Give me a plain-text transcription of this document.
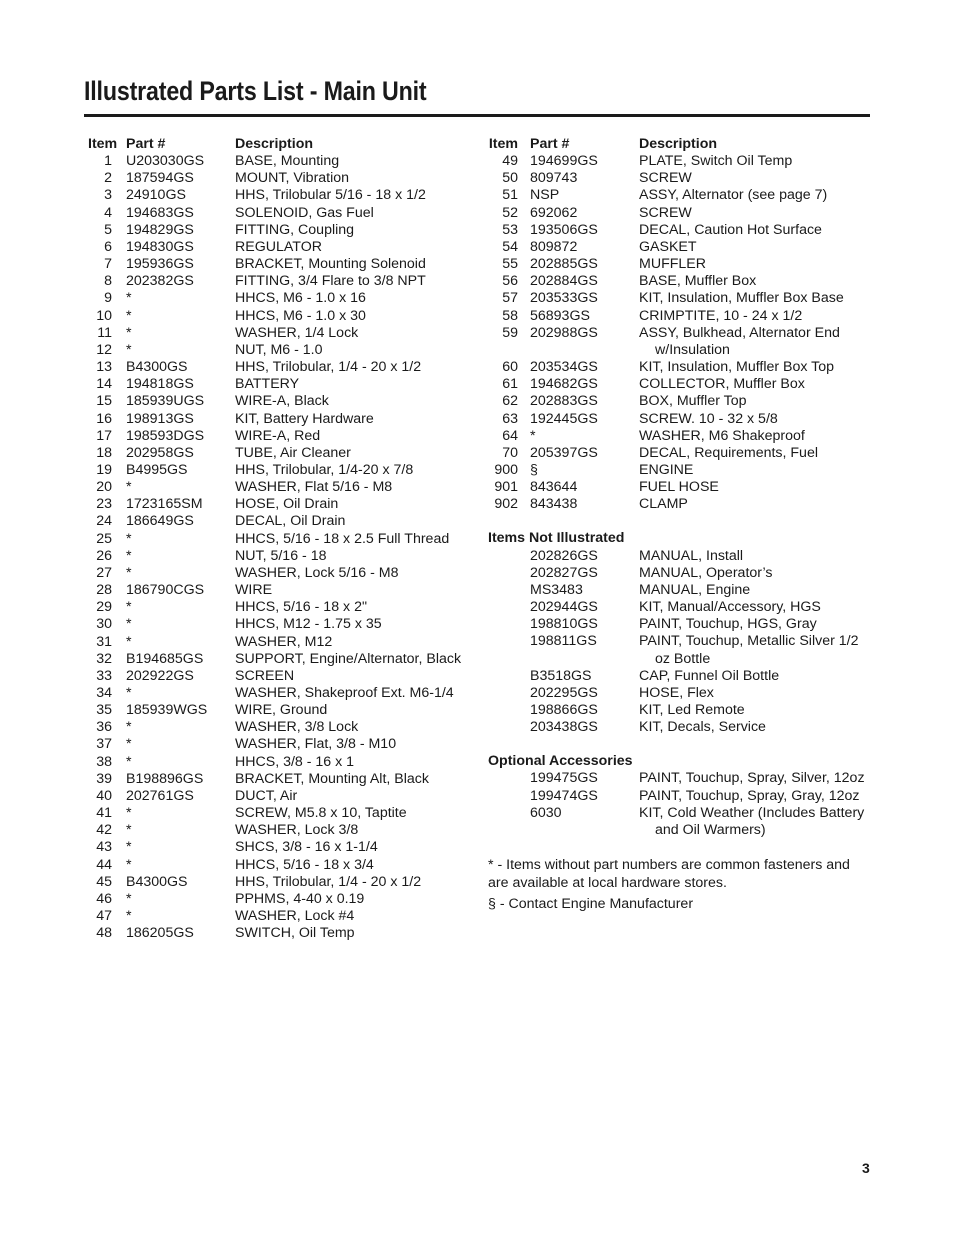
Illustrated Parts List - Main Unit
Item Part #	Description
1 U203030GS	BASE, Mounting
2 187594GS	MOUNT, Vibration
3 24910GS	HHS, Trilobular 5/16 - 18 x 1/2
4 194683GS	SOLENOID, Gas Fuel
5 194829GS	FITTING, Coupling
6 194830GS	REGULATOR
7 195936GS	BRACKET, Mounting Solenoid
8 202382GS	FITTING, 3/4 Flare to 3/8 NPT
9 *	HHCS, M6 - 1.0 x 16
10 *	HHCS, M6 - 1.0 x 30
11 *	WASHER, 1/4 Lock
12 *	NUT, M6 - 1.0
13 B4300GS	HHS, Trilobular, 1/4 - 20 x 1/2
14 194818GS	BATTERY
15 185939UGS	WIRE-A, Black
16 198913GS	KIT, Battery Hardware
17 198593DGS	WIRE-A, Red
18 202958GS	TUBE, Air Cleaner
19 B4995GS	HHS, Trilobular, 1/4-20 x 7/8
20 *	WASHER, Flat 5/16 - M8
23 1723165SM	HOSE, Oil Drain
24 186649GS	DECAL, Oil Drain
25 *	HHCS, 5/16 - 18 x 2.5 Full Thread
26 *	NUT, 5/16 - 18
27 *	WASHER, Lock 5/16 - M8
28 186790CGS	WIRE
29 *	HHCS, 5/16 - 18 x 2"
30 *	HHCS, M12 - 1.75 x 35
31 *	WASHER, M12
32 B194685GS	SUPPORT, Engine/Alternator, Black
33 202922GS	SCREEN
34 *	WASHER, Shakeproof Ext. M6-1/4
35 185939WGS	WIRE, Ground
36 *	WASHER, 3/8 Lock
37 *	WASHER, Flat, 3/8 - M10
38 *	HHCS, 3/8 - 16 x 1
39 B198896GS	BRACKET, Mounting Alt, Black
40 202761GS	DUCT, Air
41 *	SCREW, M5.8 x 10, Taptite
42 *	WASHER, Lock 3/8
43 *	SHCS, 3/8 - 16 x 1-1/4
44 *	HHCS, 5/16 - 18 x 3/4
45 B4300GS	HHS, Trilobular, 1/4 - 20 x 1/2
46 *	PPHMS, 4-40 x 0.19
47 *	WASHER, Lock #4
48 186205GS	SWITCH, Oil Temp
Item Part #	Description
49 194699GS	PLATE, Switch Oil Temp
50 809743	SCREW
51 NSP	ASSY, Alternator (see page 7)
52 692062	SCREW
53 193506GS	DECAL, Caution Hot Surface
54 809872	GASKET
55 202885GS	MUFFLER
56 202884GS	BASE, Muffler Box
57 203533GS	KIT, Insulation, Muffler Box Base
58 56893GS	CRIMPTITE, 10 - 24 x 1/2
59 202988GS	ASSY, Bulkhead, Alternator End
w/Insulation
60 203534GS	KIT, Insulation, Muffler Box Top
61 194682GS	COLLECTOR, Muffler Box
62 202883GS	BOX, Muffler Top
63 192445GS	SCREW. 10 - 32 x 5/8
64 *	WASHER, M6 Shakeproof
70 205397GS	DECAL, Requirements, Fuel
900 §	ENGINE
901 843644	FUEL HOSE
902 843438	CLAMP
Items Not Illustrated
202826GS	MANUAL, Install
202827GS	MANUAL, Operator’s
MS3483	MANUAL, Engine
202944GS	KIT, Manual/Accessory, HGS
198810GS	PAINT, Touchup, HGS, Gray
198811GS	PAINT, Touchup, Metallic Silver 1/2
oz Bottle
B3518GS	CAP, Funnel Oil Bottle
202295GS	HOSE, Flex
198866GS	KIT, Led Remote
203438GS	KIT, Decals, Service
Optional Accessories
199475GS	PAINT, Touchup, Spray, Silver, 12oz
199474GS	PAINT, Touchup, Spray, Gray, 12oz
6030	KIT, Cold Weather (Includes Battery
and Oil Warmers)
* - Items without part numbers are common fasteners and are available at local hardware stores.
§ - Contact Engine Manufacturer
3
